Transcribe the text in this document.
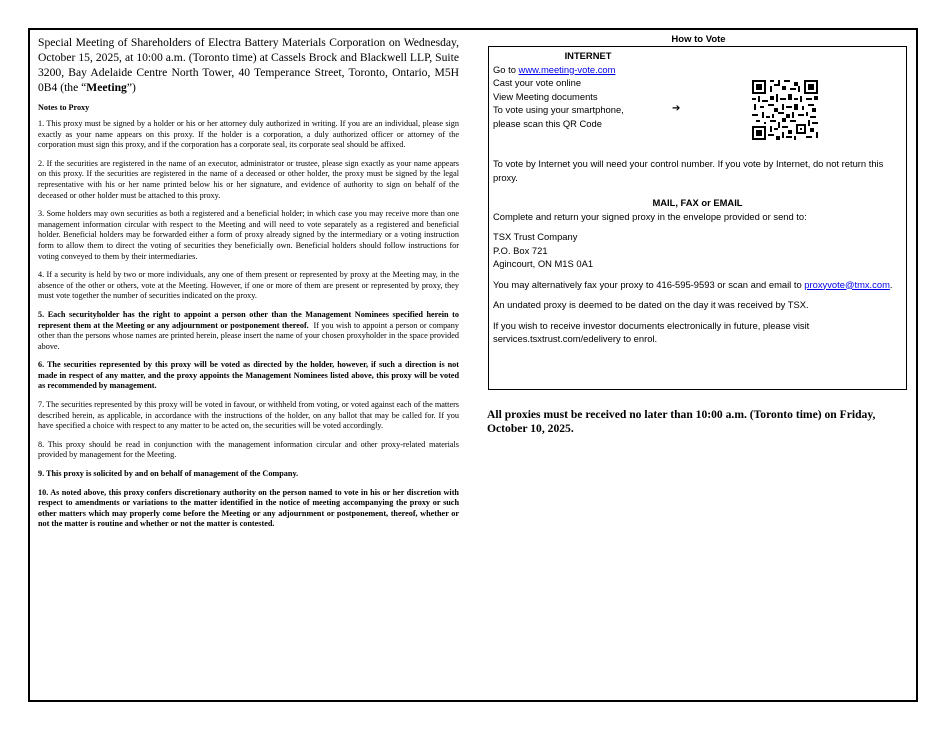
Special Meeting of Shareholders of Electra Battery Materials Corporation on Wednesday, October 15, 2025, at 10:00 a.m. (Toronto time) at Cassels Brock and Blackwell LLP, Suite 3200, Bay Adelaide Centre North Tower, 40 Temperance Street, Toronto, Ontario, M5H 0B4 (the “Meeting”)

Notes to Proxy

1. This proxy must be signed by a holder or his or her attorney duly authorized in writing. If you are an individual, please sign exactly as your name appears on this proxy. If the holder is a corporation, a duly authorized officer or attorney of the corporation must sign this proxy, and if the corporation has a corporate seal, its corporate seal should be affixed.

2. If the securities are registered in the name of an executor, administrator or trustee, please sign exactly as your name appears on this proxy. If the securities are registered in the name of a deceased or other holder, the proxy must be signed by the legal representative with his or her name printed below his or her signature, and evidence of authority to sign on behalf of the deceased or other holder must be attached to this proxy.

3. Some holders may own securities as both a registered and a beneficial holder; in which case you may receive more than one management information circular with respect to the Meeting and will need to vote separately as a registered and beneficial holder. Beneficial holders may be forwarded either a form of proxy already signed by the intermediary or a voting instruction form to allow them to direct the voting of securities they beneficially own. Beneficial holders should follow instructions for voting conveyed to them by their intermediaries.

4. If a security is held by two or more individuals, any one of them present or represented by proxy at the Meeting may, in the absence of the other or others, vote at the Meeting. However, if one or more of them are present or represented by proxy, they must vote together the number of securities indicated on the proxy.

5. Each securityholder has the right to appoint a person other than the Management Nominees specified herein to represent them at the Meeting or any adjournment or postponement thereof. If you wish to appoint a person or company other than the persons whose names are printed herein, please insert the name of your chosen proxyholder in the space provided above.

6. The securities represented by this proxy will be voted as directed by the holder, however, if such a direction is not made in respect of any matter, and the proxy appoints the Management Nominees listed above, this proxy will be voted as recommended by management.

7. The securities represented by this proxy will be voted in favour, or withheld from voting, or voted against each of the matters described herein, as applicable, in accordance with the instructions of the holder, on any ballot that may be called for. If you have specified a choice with respect to any matter to be acted on, the securities will be voted accordingly.

8. This proxy should be read in conjunction with the management information circular and other proxy-related materials provided by management for the Meeting.

9. This proxy is solicited by and on behalf of management of the Company.

10. As noted above, this proxy confers discretionary authority on the person named to vote in his or her discretion with respect to amendments or variations to the matter identified in the notice of meeting accompanying the proxy or such other matters which may properly come before the Meeting or any adjournment or postponement, thereof, whether or not the matter is routine and whether or not the matter is contested.

How to Vote
INTERNET
Go to www.meeting-vote.com
Cast your vote online
View Meeting documents
To vote using your smartphone,
please scan this QR Code
➔
To vote by Internet you will need your control number. If you vote by Internet, do not return this proxy.
MAIL, FAX or EMAIL
Complete and return your signed proxy in the envelope provided or send to:
TSX Trust Company
P.O. Box 721
Agincourt, ON M1S 0A1
You may alternatively fax your proxy to 416-595-9593 or scan and email to proxyvote@tmx.com.
An undated proxy is deemed to be dated on the day it was received by TSX.
If you wish to receive investor documents electronically in future, please visit services.tsxtrust.com/edelivery to enrol.
All proxies must be received no later than 10:00 a.m. (Toronto time) on Friday, October 10, 2025.
